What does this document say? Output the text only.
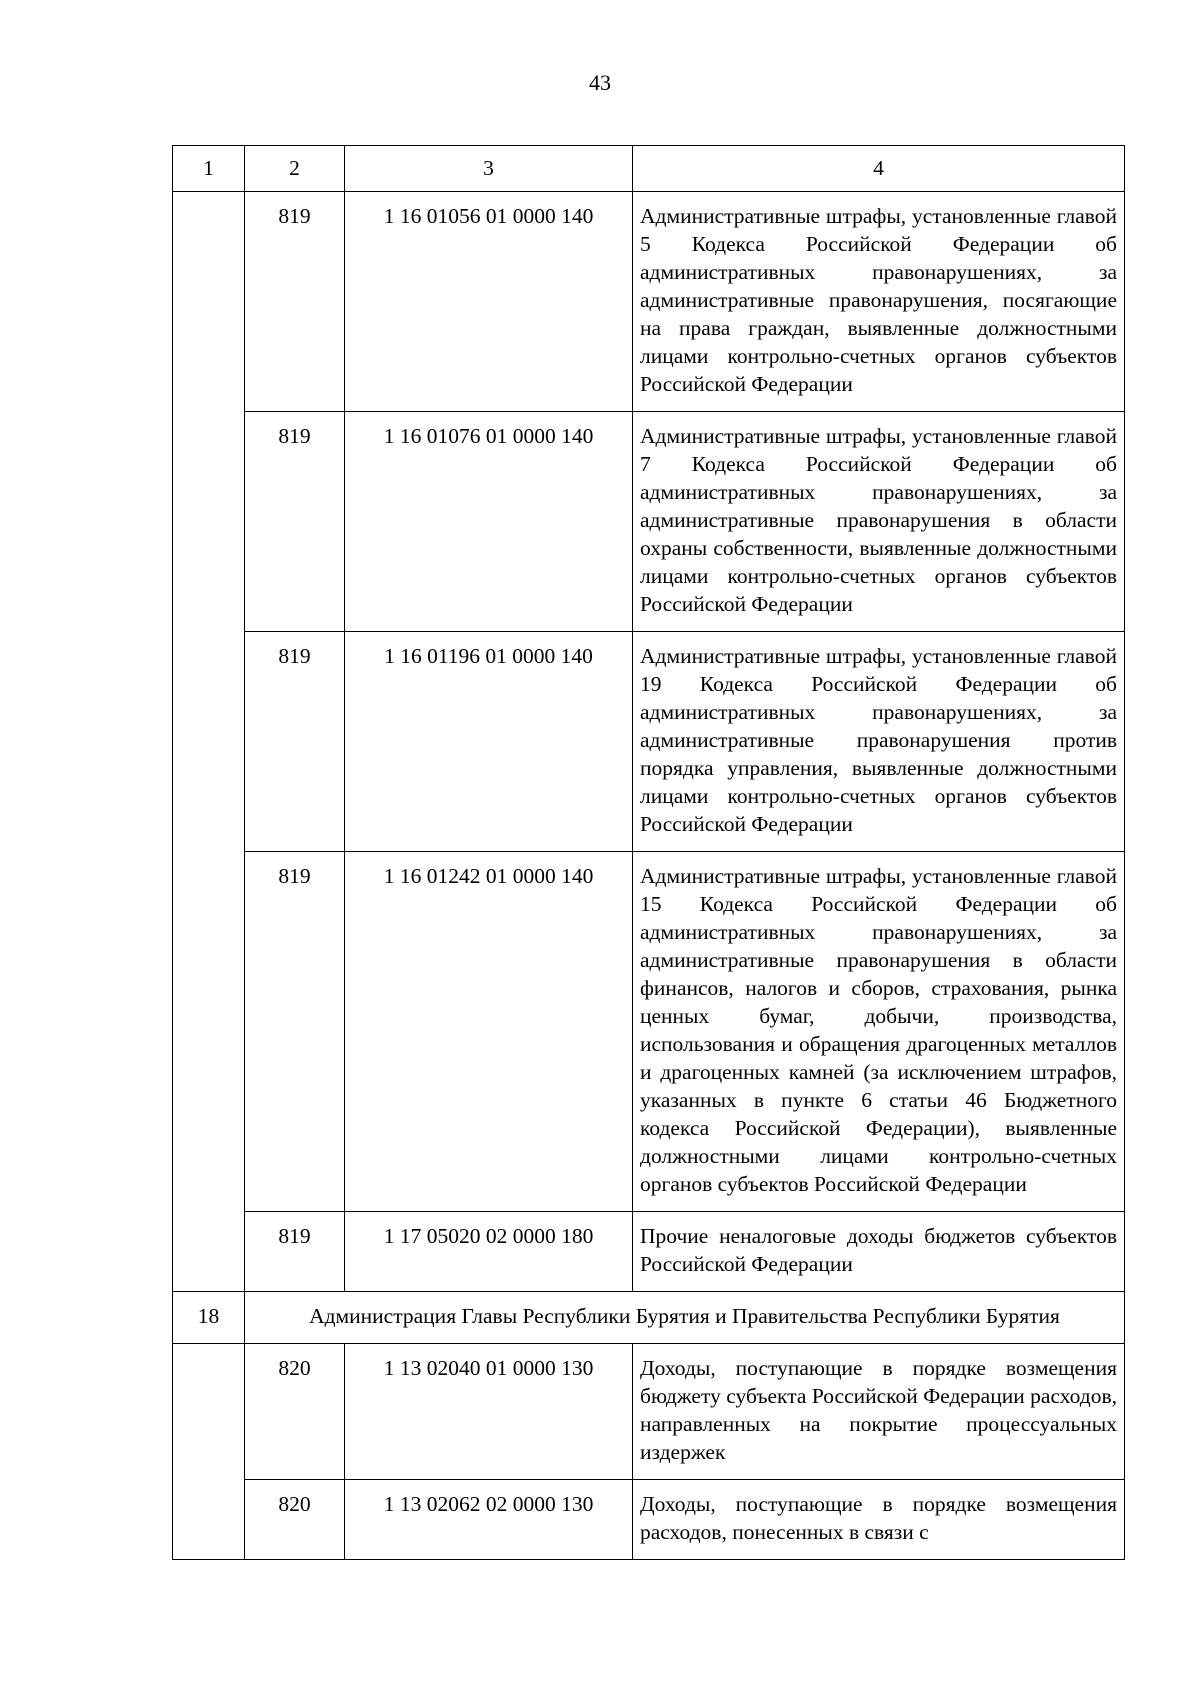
43
1	2	3	4
	819	1 16 01056 01 0000 140	Административные штрафы, установленные главой 5 Кодекса Российской Федерации об административных правонарушениях, за административные правонарушения, посягающие на права граждан, выявленные должностными лицами контрольно-счетных органов субъектов Российской Федерации
	819	1 16 01076 01 0000 140	Административные штрафы, установленные главой 7 Кодекса Российской Федерации об административных правонарушениях, за административные правонарушения в области охраны собственности, выявленные должностными лицами контрольно-счетных органов субъектов Российской Федерации
	819	1 16 01196 01 0000 140	Административные штрафы, установленные главой 19 Кодекса Российской Федерации об административных правонарушениях, за административные правонарушения против порядка управления, выявленные должностными лицами контрольно-счетных органов субъектов Российской Федерации
	819	1 16 01242 01 0000 140	Административные штрафы, установленные главой 15 Кодекса Российской Федерации об административных правонарушениях, за административные правонарушения в области финансов, налогов и сборов, страхования, рынка ценных бумаг, добычи, производства, использования и обращения драгоценных металлов и драгоценных камней (за исключением штрафов, указанных в пункте 6 статьи 46 Бюджетного кодекса Российской Федерации), выявленные должностными лицами контрольно-счетных органов субъектов Российской Федерации
	819	1 17 05020 02 0000 180	Прочие неналоговые доходы бюджетов субъектов Российской Федерации
18	Администрация Главы Республики Бурятия и Правительства Республики Бурятия		
	820	1 13 02040 01 0000 130	Доходы, поступающие в порядке возмещения бюджету субъекта Российской Федерации расходов, направленных на покрытие процессуальных издержек
	820	1 13 02062 02 0000 130	Доходы, поступающие в порядке возмещения расходов, понесенных в связи с
